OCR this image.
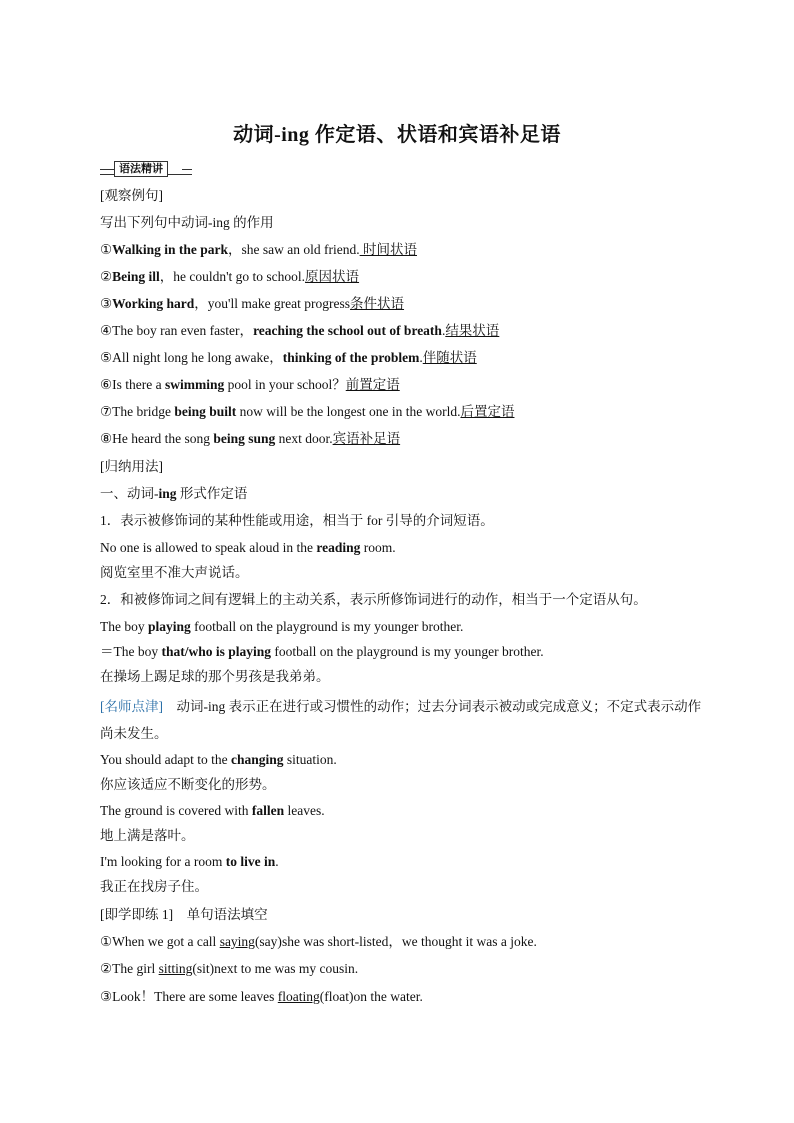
动词-ing 作定语、状语和宾语补足语
语法精讲
[观察例句]
写出下列句中动词-ing 的作用
①Walking in the park，she saw an old friend. 时间状语
②Being ill，he couldn't go to school.原因状语
③Working hard，you'll make great progress条件状语
④The boy ran even faster，reaching the school out of breath.结果状语
⑤All night long he long awake，thinking of the problem.伴随状语
⑥Is there a swimming pool in your school？前置定语
⑦The bridge being built now will be the longest one in the world.后置定语
⑧He heard the song being sung next door.宾语补足语
[归纳用法]
一、动词-ing 形式作定语
1．表示被修饰词的某种性能或用途，相当于 for 引导的介词短语。
No one is allowed to speak aloud in the reading room.
阅览室里不准大声说话。
2．和被修饰词之间有逻辑上的主动关系，表示所修饰词进行的动作，相当于一个定语从句。
The boy playing football on the playground is my younger brother.
＝The boy that/who is playing football on the playground is my younger brother.
在操场上踢足球的那个男孩是我弟弟。
[名师点津]　动词-ing 表示正在进行或习惯性的动作；过去分词表示被动或完成意义；不定式表示动作
尚未发生。
You should adapt to the changing situation.
你应该适应不断变化的形势。
The ground is covered with fallen leaves.
地上满是落叶。
I'm looking for a room to live in.
我正在找房子住。
[即学即练 1]　单句语法填空
①When we got a call saying(say)she was short-listed，we thought it was a joke.
②The girl sitting(sit)next to me was my cousin.
③Look！There are some leaves floating(float)on the water.
